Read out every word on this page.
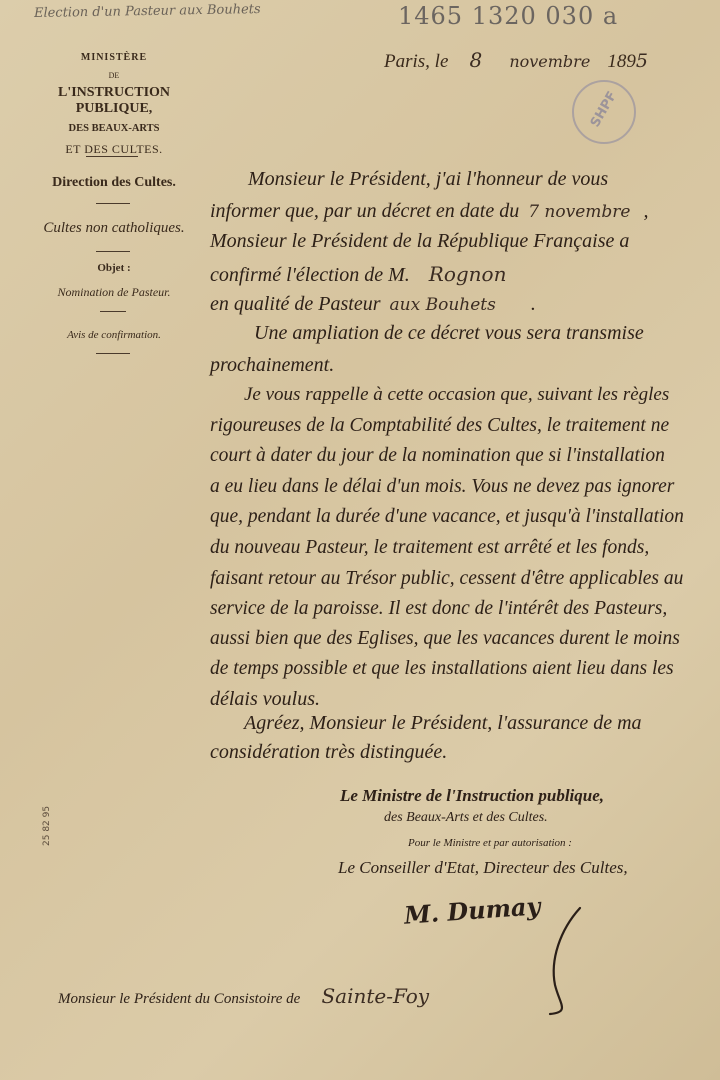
Election d'un Pasteur aux Bouhets	1465 1320 030 a
SHPF
MINISTÈRE
DE
L'INSTRUCTION PUBLIQUE,
DES BEAUX-ARTS
ET DES CULTES.
Direction des Cultes.
Cultes non catholiques.
Objet :
Nomination de Pasteur.
Avis de confirmation.
Paris, le 8 novembre 1895
Monsieur le Président, j'ai l'honneur de vous
informer que, par un décret en date du 7 novembre ,
Monsieur le Président de la République Française a
confirmé l'élection de M. Rognon
en qualité de Pasteur aux Bouhets .
Une ampliation de ce décret vous sera transmise
prochainement.
Je vous rappelle à cette occasion que, suivant les règles
rigoureuses de la Comptabilité des Cultes, le traitement ne
court à dater du jour de la nomination que si l'installation
a eu lieu dans le délai d'un mois. Vous ne devez pas ignorer
que, pendant la durée d'une vacance, et jusqu'à l'installation
du nouveau Pasteur, le traitement est arrêté et les fonds,
faisant retour au Trésor public, cessent d'être applicables au
service de la paroisse. Il est donc de l'intérêt des Pasteurs,
aussi bien que des Eglises, que les vacances durent le moins
de temps possible et que les installations aient lieu dans les
délais voulus.
Agréez, Monsieur le Président, l'assurance de ma
considération très distinguée.
Le Ministre de l'Instruction publique,
des Beaux-Arts et des Cultes.
Pour le Ministre et par autorisation :
Le Conseiller d'Etat, Directeur des Cultes,
M. Dumay
25 82 95
Monsieur le Président du Consistoire de Sainte-Foy
